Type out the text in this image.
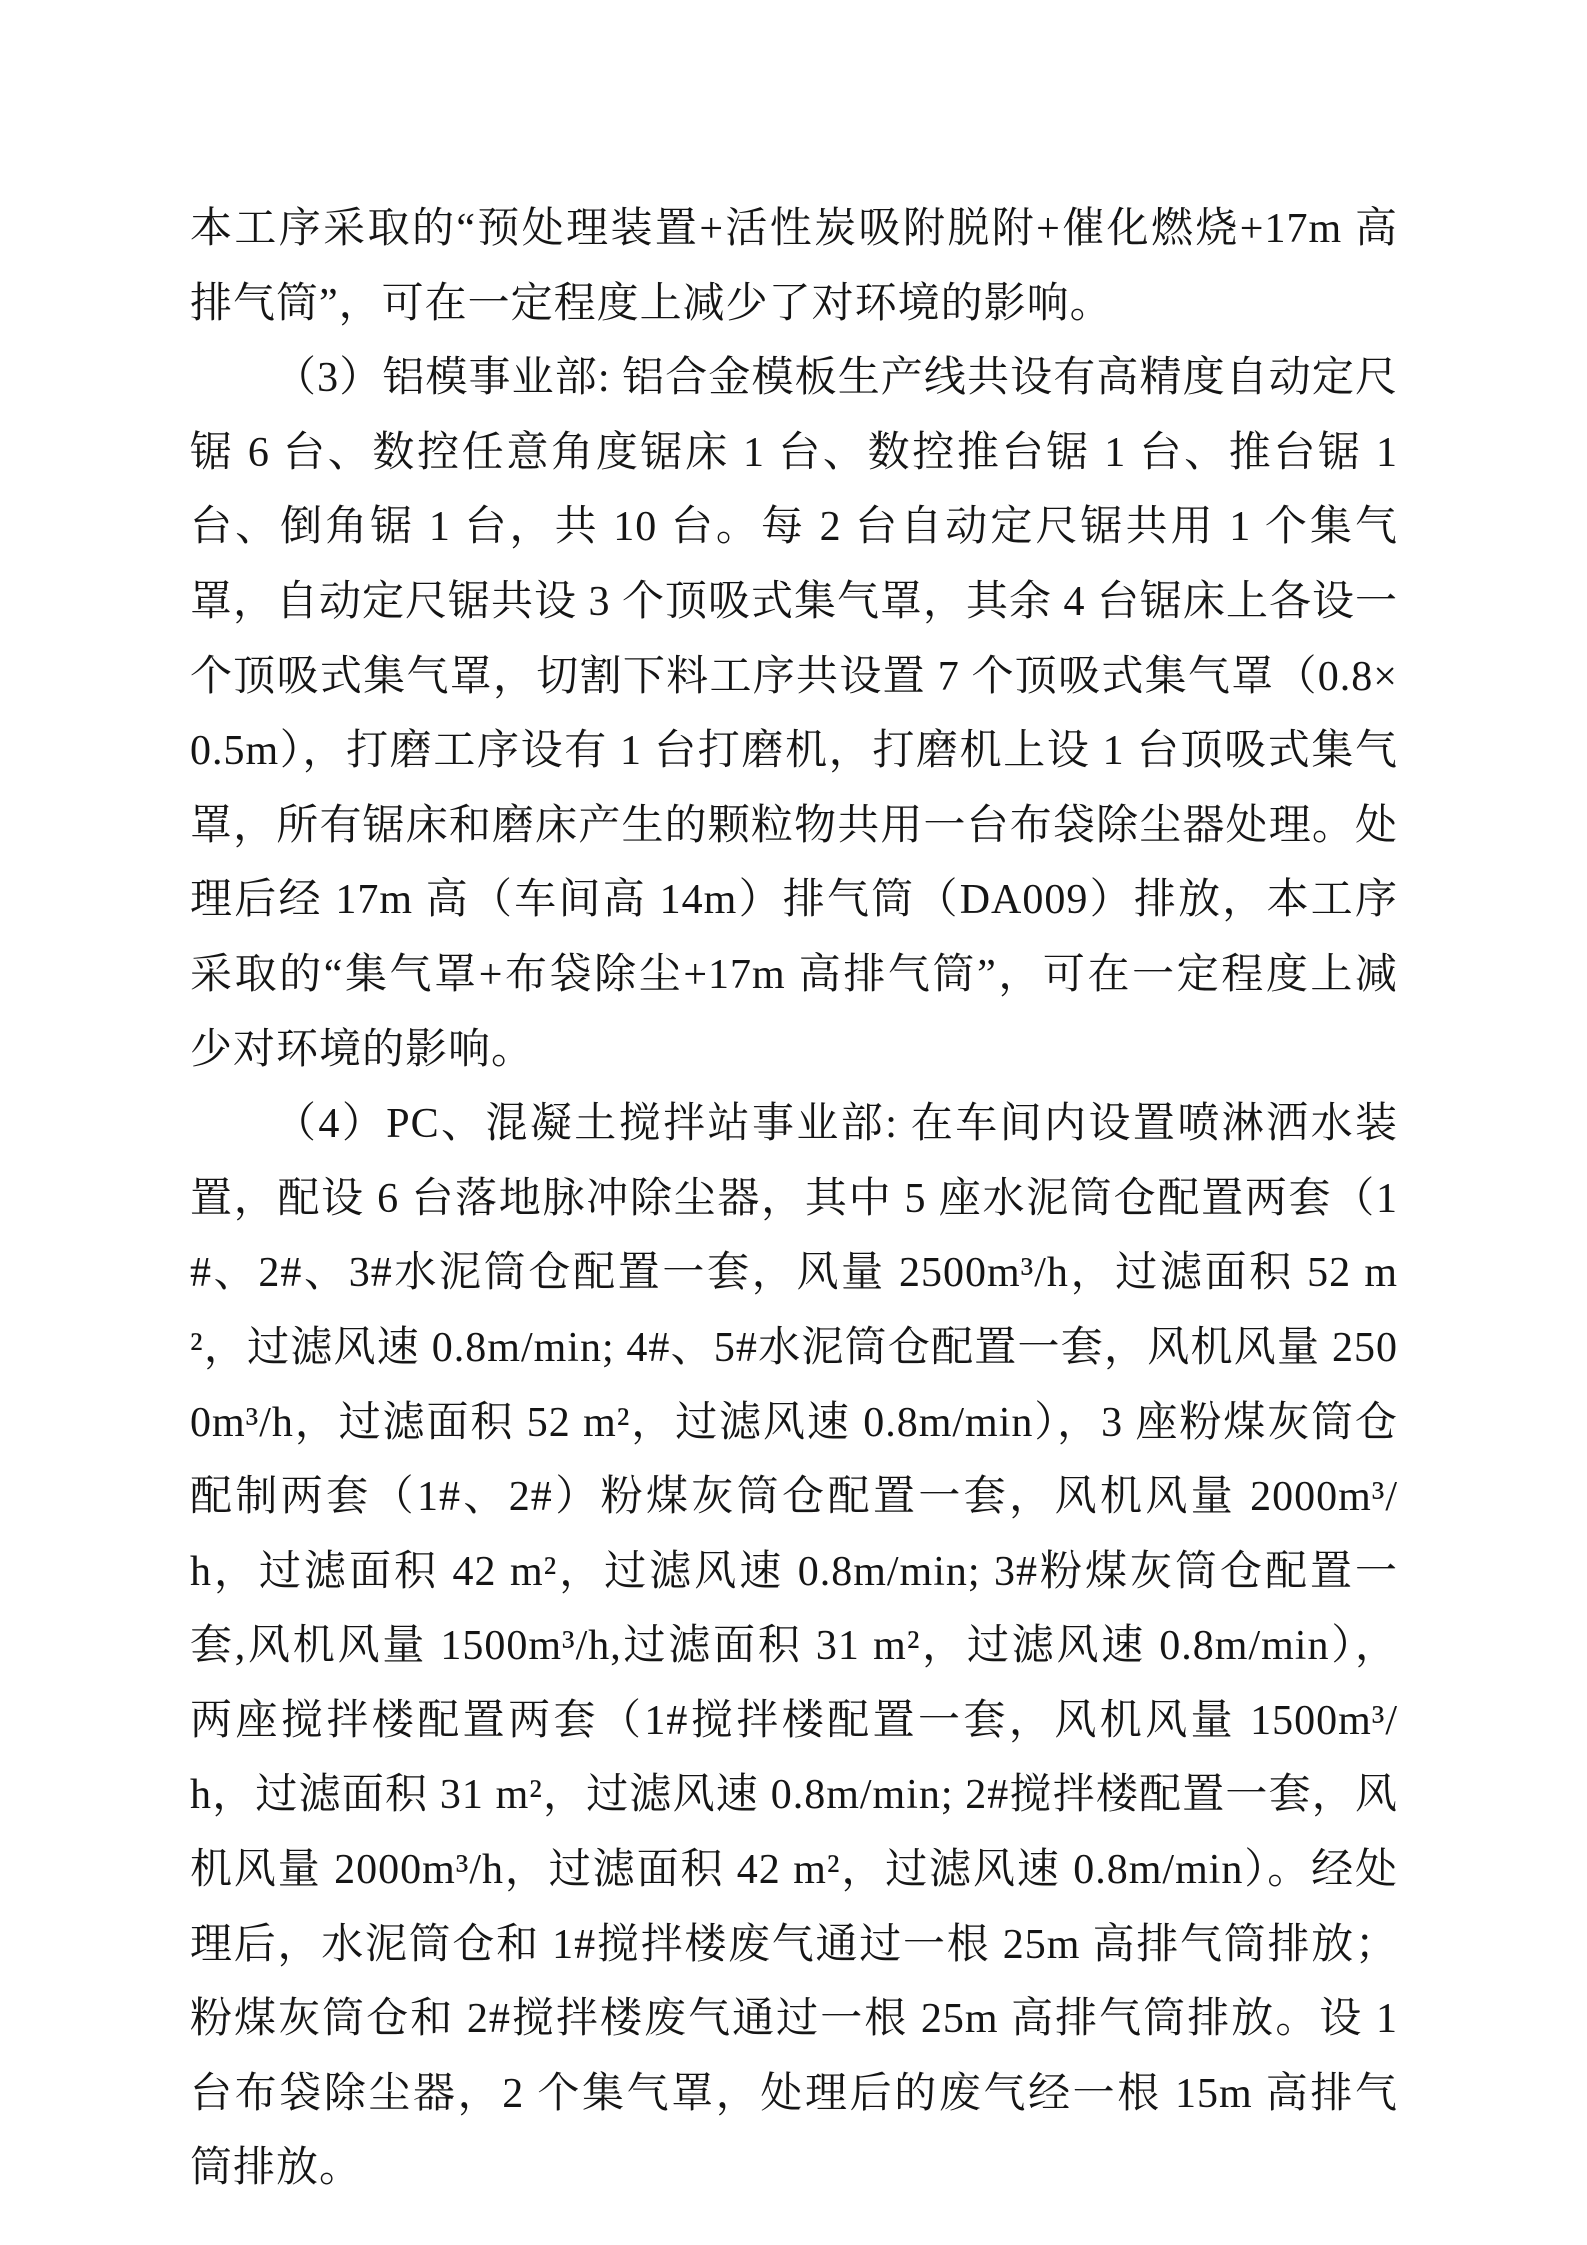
本工序采取的“预处理装置+活性炭吸附脱附+催化燃烧+17m 高排气筒”，可在一定程度上减少了对环境的影响。

（3）铝模事业部: 铝合金模板生产线共设有高精度自动定尺锯 6 台、数控任意角度锯床 1 台、数控推台锯 1 台、推台锯 1 台、倒角锯 1 台，共 10 台。每 2 台自动定尺锯共用 1 个集气罩，自动定尺锯共设 3 个顶吸式集气罩，其余 4 台锯床上各设一个顶吸式集气罩，切割下料工序共设置 7 个顶吸式集气罩（0.8×0.5m），打磨工序设有 1 台打磨机，打磨机上设 1 台顶吸式集气罩，所有锯床和磨床产生的颗粒物共用一台布袋除尘器处理。处理后经 17m 高（车间高 14m）排气筒（DA009）排放，本工序采取的“集气罩+布袋除尘+17m 高排气筒”，可在一定程度上减少对环境的影响。

（4）PC、混凝土搅拌站事业部: 在车间内设置喷淋洒水装置，配设 6 台落地脉冲除尘器，其中 5 座水泥筒仓配置两套（1#、2#、3#水泥筒仓配置一套，风量 2500m³/h，过滤面积 52 m²，过滤风速 0.8m/min; 4#、5#水泥筒仓配置一套，风机风量 2500m³/h，过滤面积 52 m²，过滤风速 0.8m/min），3 座粉煤灰筒仓配制两套（1#、2#）粉煤灰筒仓配置一套，风机风量 2000m³/h，过滤面积 42 m²，过滤风速 0.8m/min; 3#粉煤灰筒仓配置一套,风机风量 1500m³/h,过滤面积 31 m²，过滤风速 0.8m/min），两座搅拌楼配置两套（1#搅拌楼配置一套，风机风量 1500m³/h，过滤面积 31 m²，过滤风速 0.8m/min; 2#搅拌楼配置一套，风机风量 2000m³/h，过滤面积 42 m²，过滤风速 0.8m/min）。经处理后，水泥筒仓和 1#搅拌楼废气通过一根 25m 高排气筒排放；粉煤灰筒仓和 2#搅拌楼废气通过一根 25m 高排气筒排放。设 1 台布袋除尘器，2 个集气罩，处理后的废气经一根 15m 高排气筒排放。
